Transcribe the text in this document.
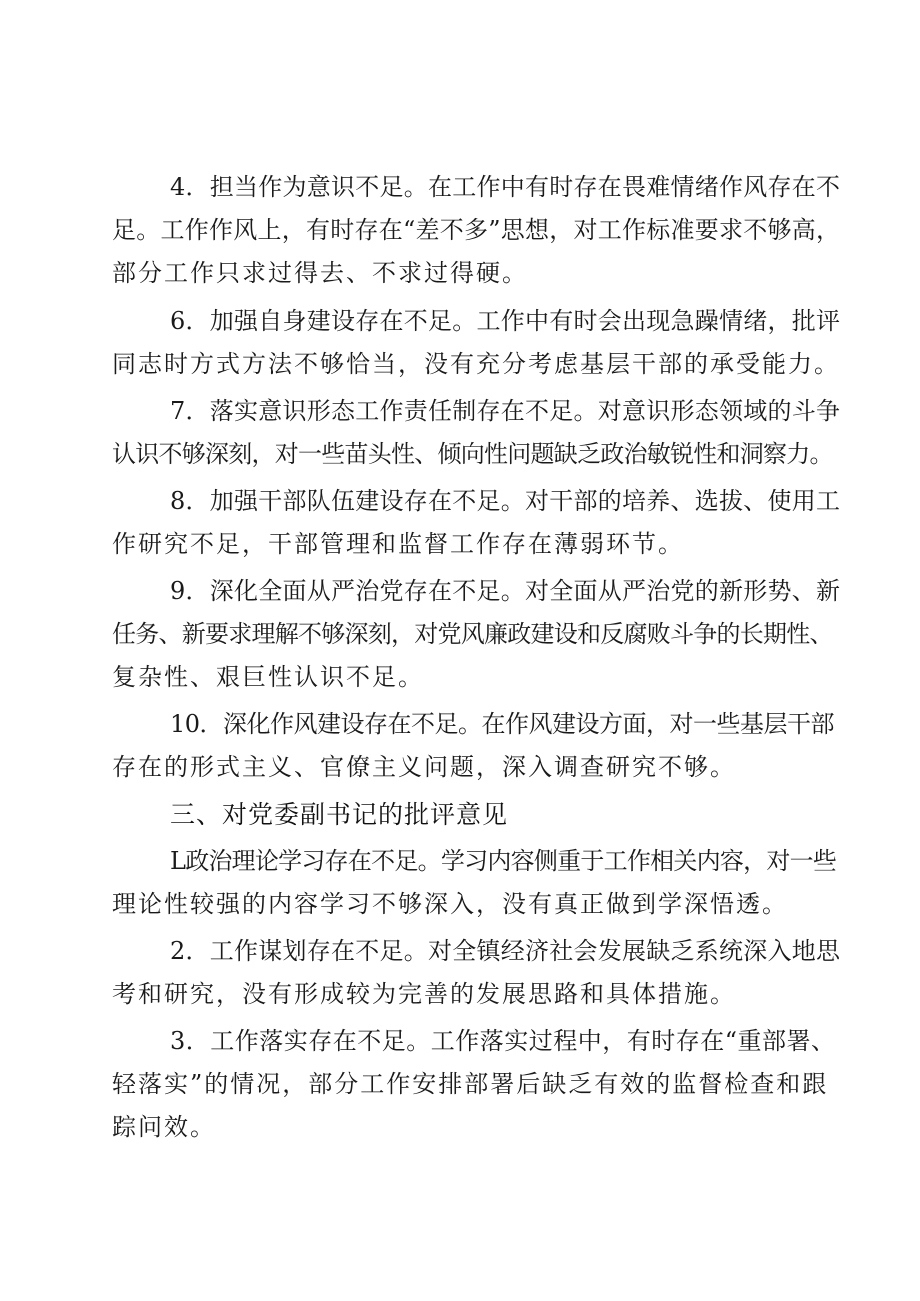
4．担当作为意识不足。在工作中有时存在畏难情绪作风存在不
足。工作作风上，有时存在“差不多”思想，对工作标准要求不够高，
部分工作只求过得去、不求过得硬。
6．加强自身建设存在不足。工作中有时会出现急躁情绪，批评
同志时方式方法不够恰当，没有充分考虑基层干部的承受能力。
7．落实意识形态工作责任制存在不足。对意识形态领域的斗争
认识不够深刻，对一些苗头性、倾向性问题缺乏政治敏锐性和洞察力。
8．加强干部队伍建设存在不足。对干部的培养、选拔、使用工
作研究不足，干部管理和监督工作存在薄弱环节。
9．深化全面从严治党存在不足。对全面从严治党的新形势、新
任务、新要求理解不够深刻，对党风廉政建设和反腐败斗争的长期性、
复杂性、艰巨性认识不足。
10．深化作风建设存在不足。在作风建设方面，对一些基层干部
存在的形式主义、官僚主义问题，深入调查研究不够。
三、对党委副书记的批评意见
L政治理论学习存在不足。学习内容侧重于工作相关内容，对一些
理论性较强的内容学习不够深入，没有真正做到学深悟透。
2．工作谋划存在不足。对全镇经济社会发展缺乏系统深入地思
考和研究，没有形成较为完善的发展思路和具体措施。
3．工作落实存在不足。工作落实过程中，有时存在“重部署、
轻落实”的情况，部分工作安排部署后缺乏有效的监督检查和跟
踪问效。
